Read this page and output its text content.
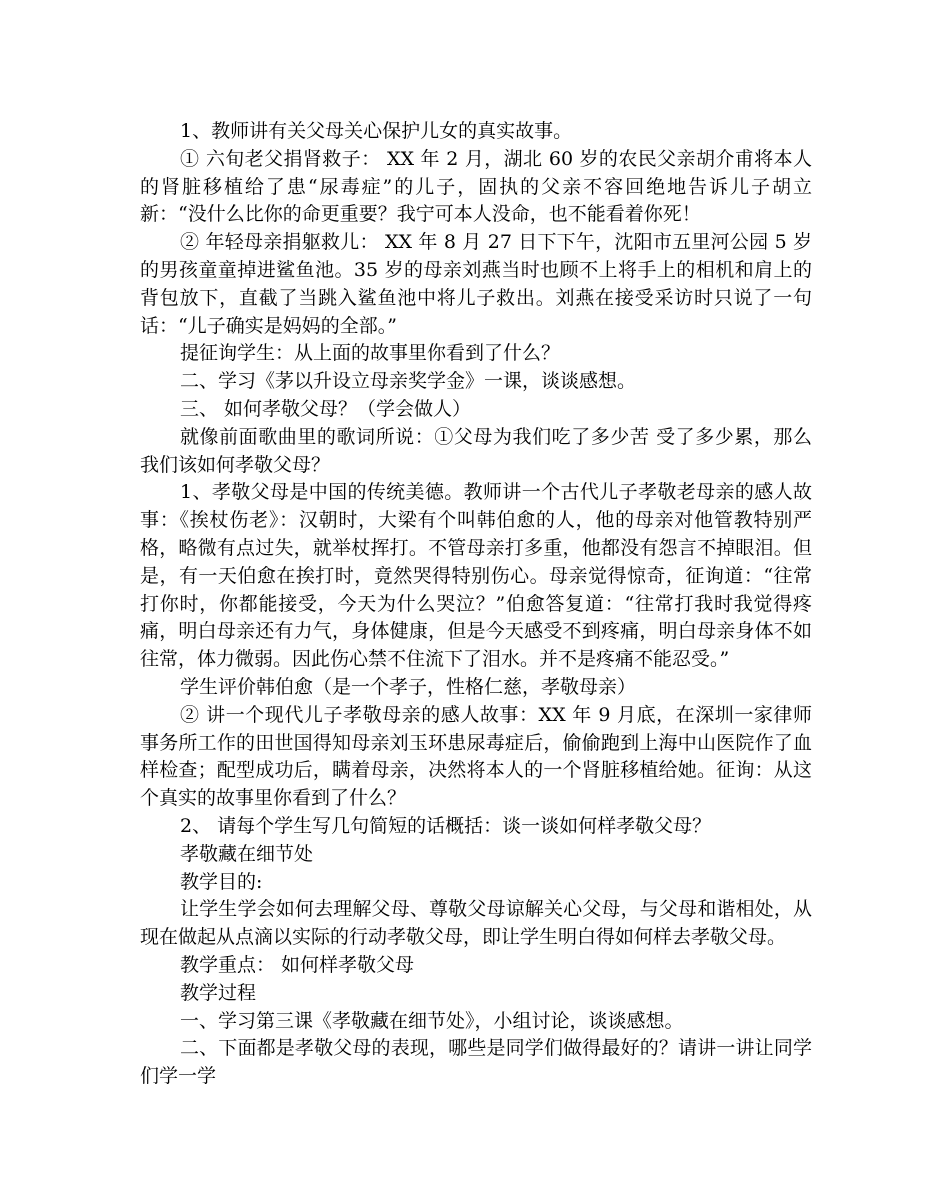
1、教师讲有关父母关心保护儿女的真实故事。

① 六旬老父捐肾救子： XX 年 2 月，湖北 60 岁的农民父亲胡介甫将本人的肾脏移植给了患“尿毒症”的儿子，固执的父亲不容回绝地告诉儿子胡立新：“没什么比你的命更重要？我宁可本人没命，也不能看着你死！

② 年轻母亲捐躯救儿： XX 年 8 月 27 日下下午，沈阳市五里河公园 5 岁的男孩童童掉进鲨鱼池。35 岁的母亲刘燕当时也顾不上将手上的相机和肩上的背包放下，直截了当跳入鲨鱼池中将儿子救出。刘燕在接受采访时只说了一句话：“儿子确实是妈妈的全部。”

提征询学生：从上面的故事里你看到了什么？

二、学习《茅以升设立母亲奖学金》一课，谈谈感想。

三、 如何孝敬父母？（学会做人）

就像前面歌曲里的歌词所说：①父母为我们吃了多少苦 受了多少累，那么我们该如何孝敬父母？

1、孝敬父母是中国的传统美德。教师讲一个古代儿子孝敬老母亲的感人故事：《挨杖伤老》：汉朝时，大梁有个叫韩伯愈的人，他的母亲对他管教特别严格，略微有点过失，就举杖挥打。不管母亲打多重，他都没有怨言不掉眼泪。但是，有一天伯愈在挨打时，竟然哭得特别伤心。母亲觉得惊奇，征询道：“往常打你时，你都能接受，今天为什么哭泣？”伯愈答复道：“往常打我时我觉得疼痛，明白母亲还有力气，身体健康，但是今天感受不到疼痛，明白母亲身体不如往常，体力微弱。因此伤心禁不住流下了泪水。并不是疼痛不能忍受。”

学生评价韩伯愈（是一个孝子，性格仁慈，孝敬母亲）

② 讲一个现代儿子孝敬母亲的感人故事：XX 年 9 月底，在深圳一家律师事务所工作的田世国得知母亲刘玉环患尿毒症后，偷偷跑到上海中山医院作了血样检查；配型成功后，瞒着母亲，决然将本人的一个肾脏移植给她。征询：从这个真实的故事里你看到了什么？

2、 请每个学生写几句简短的话概括：谈一谈如何样孝敬父母？

孝敬藏在细节处

教学目的:

让学生学会如何去理解父母、尊敬父母谅解关心父母，与父母和谐相处，从现在做起从点滴以实际的行动孝敬父母，即让学生明白得如何样去孝敬父母。

教学重点： 如何样孝敬父母

教学过程

一、学习第三课《孝敬藏在细节处》，小组讨论，谈谈感想。

二、下面都是孝敬父母的表现，哪些是同学们做得最好的？请讲一讲让同学们学一学
